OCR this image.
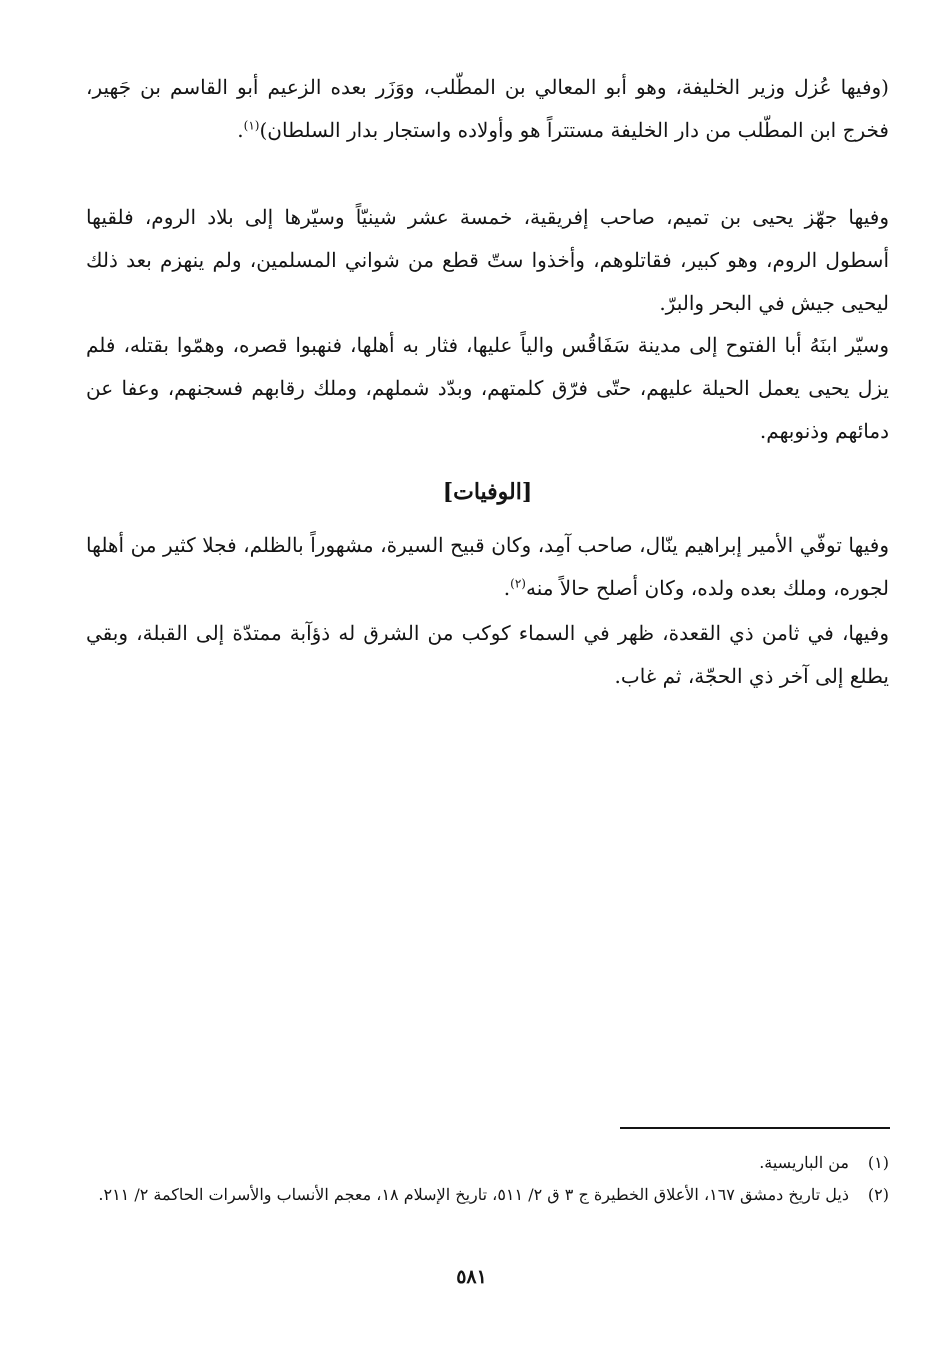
(وفيها عُزل وزير الخليفة، وهو أبو المعالي بن المطّلب، ووَزَر بعده الزعيم أبو القاسم بن جَهير، فخرج ابن المطّلب من دار الخليفة مستتراً هو وأولاده واستجار بدار السلطان)$^{(١)}$.

وفيها جهّز يحيى بن تميم، صاحب إفريقية، خمسة عشر شينيّاً وسيّرها إلى بلاد الروم، فلقيها أسطول الروم، وهو كبير، فقاتلوهم، وأخذوا ستّ قطع من شواني المسلمين، ولم ينهزم بعد ذلك ليحيى جيش في البحر والبرّ.

وسيّر ابنَهُ أبا الفتوح إلى مدينة سَفَاقُس والياً عليها، فثار به أهلها، فنهبوا قصره، وهمّوا بقتله، فلم يزل يحيى يعمل الحيلة عليهم، حتّى فرّق كلمتهم، وبدّد شملهم، وملك رقابهم فسجنهم، وعفا عن دمائهم وذنوبهم.

[الوفيات]

وفيها توفّي الأمير إبراهيم ينّال، صاحب آمِد، وكان قبيح السيرة، مشهوراً بالظلم، فجلا كثير من أهلها لجوره، وملك بعده ولده، وكان أصلح حالاً منه$^{(٢)}$.

وفيها، في ثامن ذي القعدة، ظهر في السماء كوكب من الشرق له ذؤآبة ممتدّة إلى القبلة، وبقي يطلع إلى آخر ذي الحجّة، ثم غاب.

(١)
من الباريسية.
(٢)
ذيل تاريخ دمشق ١٦٧، الأعلاق الخطيرة ج ٣ ق ٢/ ٥١١، تاريخ الإسلام ١٨، معجم الأنساب والأسرات الحاكمة ٢/ ٢١١.
٥٨١
